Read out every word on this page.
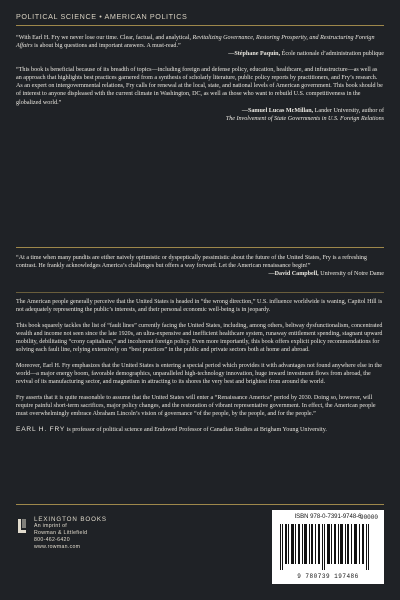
POLITICAL SCIENCE • AMERICAN POLITICS

“With Earl H. Fry we never lose our time. Clear, factual, and analytical, Revitalizing Governance, Restoring Prosperity, and Restructuring Foreign Affairs is about big questions and important answers. A must-read.”
—Stéphane Paquin, École nationale d’administration publique

“This book is beneficial because of its breadth of topics—including foreign and defense policy, education, healthcare, and infrastructure—as well as an approach that highlights best practices garnered from a synthesis of scholarly literature, public policy reports by practitioners, and Fry’s research. As an expert on intergovernmental relations, Fry calls for renewal at the local, state, and national levels of American government. This book should be of interest to anyone displeased with the current climate in Washington, DC, as well as those who want to rebuild U.S. competitiveness in the globalized world.”
—Samuel Lucas McMillan, Lander University, author of
The Involvement of State Governments in U.S. Foreign Relations

“At a time when many pundits are either naively optimistic or dyspeptically pessimistic about the future of the United States, Fry is a refreshing contrast. He frankly acknowledges America’s challenges but offers a way forward. Let the American renaissance begin!”
—David Campbell, University of Notre Dame

The American people generally perceive that the United States is headed in “the wrong direction,” U.S. influence worldwide is waning, Capitol Hill is not adequately representing the public’s interests, and their personal economic well-being is in jeopardy.

This book squarely tackles the list of “fault lines” currently facing the United States, including, among others, beltway dysfunctionalism, concentrated wealth and income not seen since the late 1920s, an ultra-expensive and inefficient healthcare system, runaway entitlement spending, stagnant upward mobility, debilitating “crony capitalism,” and incoherent foreign policy. Even more importantly, this book offers explicit policy recommendations for solving each fault line, relying extensively on “best practices” in the public and private sectors both at home and abroad.

Moreover, Earl H. Fry emphasizes that the United States is entering a special period which provides it with advantages not found anywhere else in the world—a major energy boom, favorable demographics, unparalleled high-technology innovation, huge inward investment flows from abroad, the revival of its manufacturing sector, and magnetism in attracting to its shores the very best and brightest from around the world.

Fry asserts that it is quite reasonable to assume that the United States will enter a “Renaissance America” period by 2030. Doing so, however, will require painful short-term sacrifices, major policy changes, and the restoration of vibrant representative government. In effect, the American people must overwhelmingly embrace Abraham Lincoln’s vision of governance “of the people, by the people, and for the people.”

EARL H. FRY is professor of political science and Endowed Professor of Canadian Studies at Brigham Young University.

LEXINGTON BOOKS
An imprint of
Rowman & Littlefield
800-462-6420
www.rowman.com
ISBN 978-0-7391-9748-6
90000
9 780739 197486
